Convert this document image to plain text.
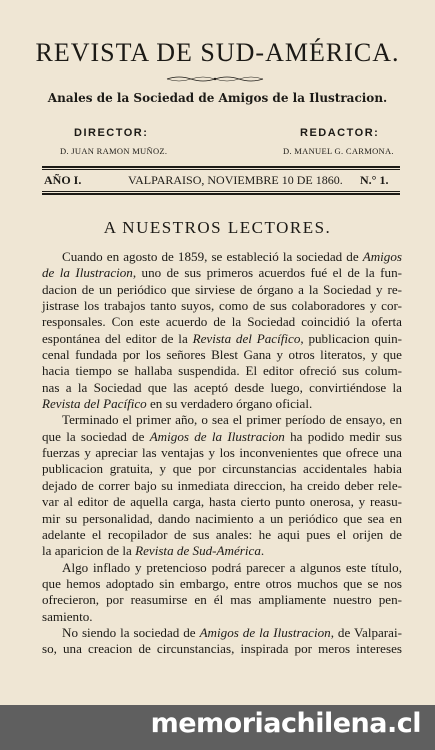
REVISTA DE SUD-AMÉRICA.
Anales de la Sociedad de Amigos de la Ilustracion.
DIRECTOR:
D. JUAN RAMON MUÑOZ.
REDACTOR:
D. MANUEL G. CARMONA.
AÑO I.	VALPARAISO, NOVIEMBRE 10 DE 1860. N.° 1.
A NUESTROS LECTORES.
Cuando en agosto de 1859, se estableció la sociedad de Amigos
de la Ilustracion, uno de sus primeros acuerdos fué el de la fun-
dacion de un periódico que sirviese de órgano a la Sociedad y re-
jistrase los trabajos tanto suyos, como de sus colaboradores y cor-
responsales. Con este acuerdo de la Sociedad coincidió la oferta
espontánea del editor de la Revista del Pacífico, publicacion quin-
cenal fundada por los señores Blest Gana y otros literatos, y que
hacia tiempo se hallaba suspendida. El editor ofreció sus colum-
nas a la Sociedad que las aceptó desde luego, convirtiéndose la
Revista del Pacífico en su verdadero órgano oficial.
Terminado el primer año, o sea el primer período de ensayo, en
que la sociedad de Amigos de la Ilustracion ha podido medir sus
fuerzas y apreciar las ventajas y los inconvenientes que ofrece una
publicacion gratuita, y que por circunstancias accidentales habia
dejado de correr bajo su inmediata direccion, ha creido deber rele-
var al editor de aquella carga, hasta cierto punto onerosa, y reasu-
mir su personalidad, dando nacimiento a un periódico que sea en
adelante el recopilador de sus anales: he aqui pues el orijen de
la aparicion de la Revista de Sud-América.
Algo inflado y pretencioso podrá parecer a algunos este título,
que hemos adoptado sin embargo, entre otros muchos que se nos
ofrecieron, por reasumirse en él mas ampliamente nuestro pen-
samiento.
No siendo la sociedad de Amigos de la Ilustracion, de Valparai-
so, una creacion de circunstancias, inspirada por meros intereses
memoriachilena.cl
